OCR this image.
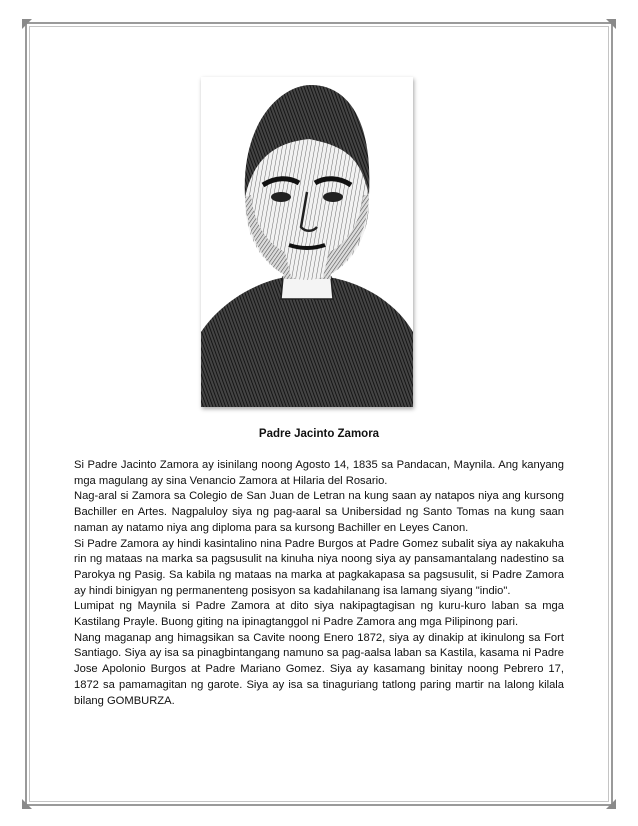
Padre Jacinto Zamora

Si Padre Jacinto Zamora ay isinilang noong Agosto 14, 1835 sa Pandacan, Maynila. Ang kanyang mga magulang ay sina Venancio Zamora at Hilaria del Rosario.

Nag-aral si Zamora sa Colegio de San Juan de Letran na kung saan ay natapos niya ang kursong Bachiller en Artes. Nagpaluloy siya ng pag-aaral sa Unibersidad ng Santo Tomas na kung saan naman ay natamo niya ang diploma para sa kursong Bachiller en Leyes Canon.

Si Padre Zamora ay hindi kasintalino nina Padre Burgos at Padre Gomez subalit siya ay nakakuha rin ng mataas na marka sa pagsusulit na kinuha niya noong siya ay pansamantalang nadestino sa Parokya ng Pasig. Sa kabila ng mataas na marka at pagkakapasa sa pagsusulit, si Padre Zamora ay hindi binigyan ng permanenteng posisyon sa kadahilanang isa lamang siyang "indio".

Lumipat ng Maynila si Padre Zamora at dito siya nakipagtagisan ng kuru-kuro laban sa mga Kastilang Prayle. Buong giting na ipinagtanggol ni Padre Zamora ang mga Pilipinong pari.

Nang maganap ang himagsikan sa Cavite noong Enero 1872, siya ay dinakip at ikinulong sa Fort Santiago. Siya ay isa sa pinagbintangang namuno sa pag-aalsa laban sa Kastila, kasama ni Padre Jose Apolonio Burgos at Padre Mariano Gomez. Siya ay kasamang binitay noong Pebrero 17, 1872 sa pamamagitan ng garote. Siya ay isa sa tinaguriang tatlong paring martir na lalong kilala bilang GOMBURZA.
